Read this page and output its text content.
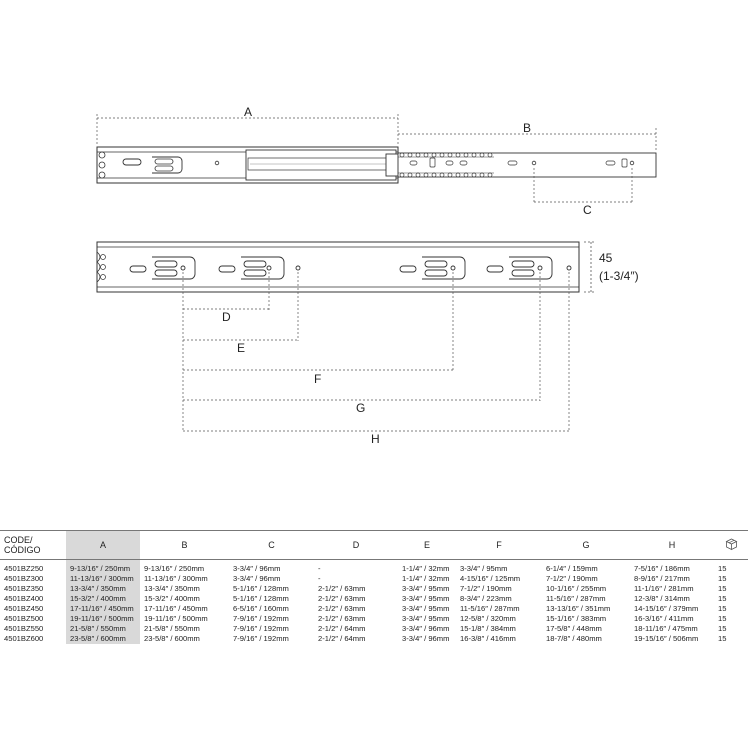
A
B
C
45
(1-3/4″)
D
E
F
G
H
CODE/
CÓDIGO	A	B	C	D	E	F	G	H	
4501BZ250	9-13/16″ / 250mm	9-13/16″ / 250mm	3-3/4″ / 96mm	-	1-1/4″ / 32mm	3-3/4″ / 95mm	6-1/4″ / 159mm	7-5/16″ / 186mm	15
4501BZ300	11-13/16″ / 300mm	11-13/16″ / 300mm	3-3/4″ / 96mm	-	1-1/4″ / 32mm	4-15/16″ / 125mm	7-1/2″ / 190mm	8-9/16″ / 217mm	15
4501BZ350	13-3/4″ / 350mm	13-3/4″ / 350mm	5-1/16″ / 128mm	2-1/2″ / 63mm	3-3/4″ / 95mm	7-1/2″ / 190mm	10-1/16″ / 255mm	11-1/16″ / 281mm	15
4501BZ400	15-3/2″ / 400mm	15-3/2″ / 400mm	5-1/16″ / 128mm	2-1/2″ / 63mm	3-3/4″ / 95mm	8-3/4″ / 223mm	11-5/16″ / 287mm	12-3/8″ / 314mm	15
4501BZ450	17-11/16″ / 450mm	17-11/16″ / 450mm	6-5/16″ / 160mm	2-1/2″ / 63mm	3-3/4″ / 95mm	11-5/16″ / 287mm	13-13/16″ / 351mm	14-15/16″ / 379mm	15
4501BZ500	19-11/16″ / 500mm	19-11/16″ / 500mm	7-9/16″ / 192mm	2-1/2″ / 63mm	3-3/4″ / 95mm	12-5/8″ / 320mm	15-1/16″ / 383mm	16-3/16″ / 411mm	15
4501BZ550	21-5/8″ / 550mm	21-5/8″ / 550mm	7-9/16″ / 192mm	2-1/2″ / 64mm	3-3/4″ / 96mm	15-1/8″ / 384mm	17-5/8″ / 448mm	18-11/16″ / 475mm	15
4501BZ600	23-5/8″ / 600mm	23-5/8″ / 600mm	7-9/16″ / 192mm	2-1/2″ / 64mm	3-3/4″ / 96mm	16-3/8″ / 416mm	18-7/8″ / 480mm	19-15/16″ / 506mm	15
